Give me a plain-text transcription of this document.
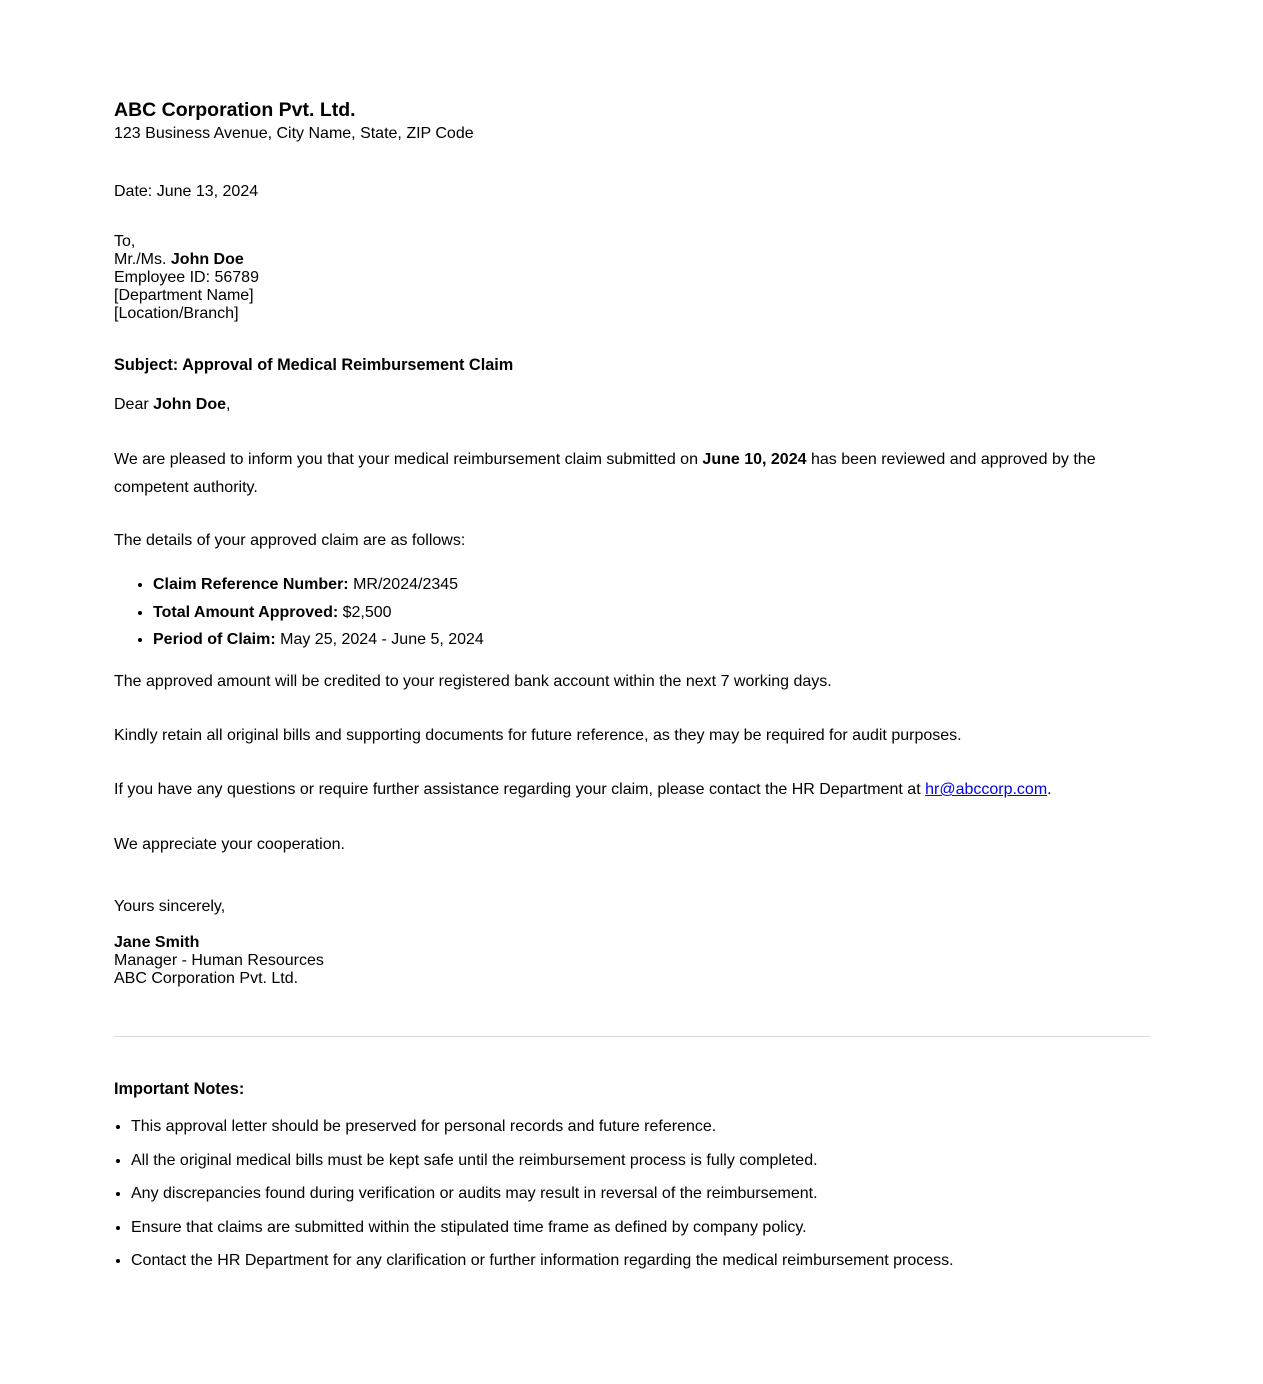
ABC Corporation Pvt. Ltd.

123 Business Avenue, City Name, State, ZIP Code

Date: June 13, 2024
To,
Mr./Ms. John Doe
Employee ID: 56789
[Department Name]
[Location/Branch]
Subject: Approval of Medical Reimbursement Claim
Dear John Doe,
We are pleased to inform you that your medical reimbursement claim submitted on June 10, 2024 has been reviewed and approved by the competent authority.
The details of your approved claim are as follows:
• Claim Reference Number: MR/2024/2345
• Total Amount Approved: $2,500
• Period of Claim: May 25, 2024 - June 5, 2024
The approved amount will be credited to your registered bank account within the next 7 working days.
Kindly retain all original bills and supporting documents for future reference, as they may be required for audit purposes.
If you have any questions or require further assistance regarding your claim, please contact the HR Department at hr@abccorp.com.
We appreciate your cooperation.
Yours sincerely,
Jane Smith
Manager - Human Resources
ABC Corporation Pvt. Ltd.
Important Notes:
• This approval letter should be preserved for personal records and future reference.
• All the original medical bills must be kept safe until the reimbursement process is fully completed.
• Any discrepancies found during verification or audits may result in reversal of the reimbursement.
• Ensure that claims are submitted within the stipulated time frame as defined by company policy.
• Contact the HR Department for any clarification or further information regarding the medical reimbursement process.
